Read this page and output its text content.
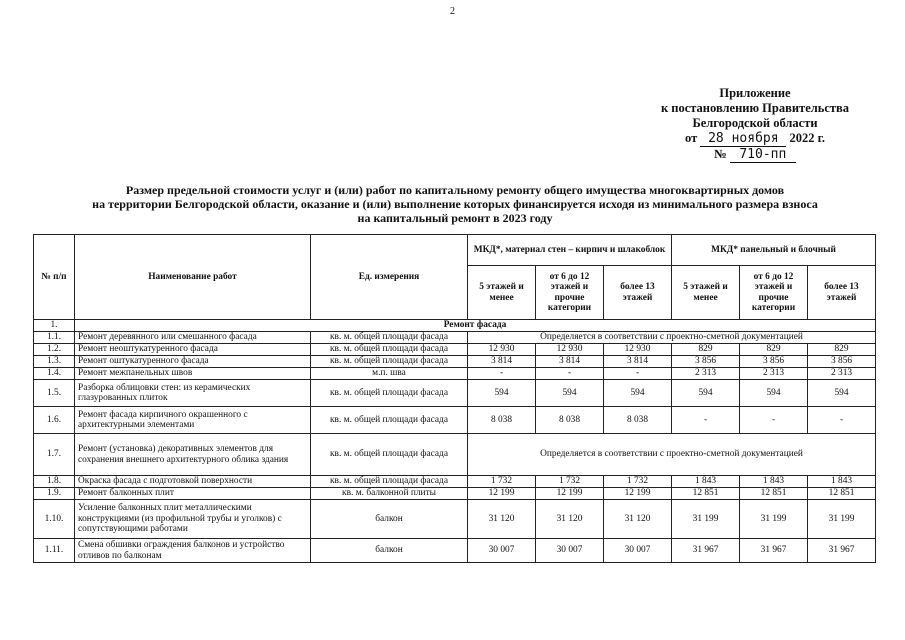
2
Приложение
к постановлению Правительства
Белгородской области
от 28 ноября 2022 г.
№ 710-пп
Размер предельной стоимости услуг и (или) работ по капитальному ремонту общего имущества многоквартирных домов
на территории Белгородской области, оказание и (или) выполнение которых финансируется исходя из минимального размера взноса
на капитальный ремонт в 2023 году
№ п/п	Наименование работ	Ед. измерения	МКД*, материал стен – кирпич и шлакоблок			МКД* панельный и блочный		
			5 этажей и менее	от 6 до 12 этажей и прочие категории	более 13 этажей	5 этажей и менее	от 6 до 12 этажей и прочие категории	более 13 этажей
1.	Ремонт фасада							
1.1.	Ремонт деревянного или смешанного фасада	кв. м. общей площади фасада	Определяется в соответствии с проектно-сметной документацией					
1.2.	Ремонт неоштукатуренного фасада	кв. м. общей площади фасада	12 930	12 930	12 930	829	829	829
1.3.	Ремонт оштукатуренного фасада	кв. м. общей площади фасада	3 814	3 814	3 814	3 856	3 856	3 856
1.4.	Ремонт межпанельных швов	м.п. шва	-	-	-	2 313	2 313	2 313
1.5.	Разборка облицовки стен: из керамических глазурованных плиток	кв. м. общей площади фасада	594	594	594	594	594	594
1.6.	Ремонт фасада кирпичного окрашенного с архитектурными элементами	кв. м. общей площади фасада	8 038	8 038	8 038	-	-	-
1.7.	Ремонт (установка) декоративных элементов для сохранения внешнего архитектурного облика здания	кв. м. общей площади фасада	Определяется в соответствии с проектно-сметной документацией					
1.8.	Окраска фасада с подготовкой поверхности	кв. м. общей площади фасада	1 732	1 732	1 732	1 843	1 843	1 843
1.9.	Ремонт балконных плит	кв. м. балконной плиты	12 199	12 199	12 199	12 851	12 851	12 851
1.10.	Усиление балконных плит металлическими конструкциями (из профильной трубы и уголков) с сопутствующими работами	балкон	31 120	31 120	31 120	31 199	31 199	31 199
1.11.	Смена обшивки ограждения балконов и устройство отливов по балконам	балкон	30 007	30 007	30 007	31 967	31 967	31 967
